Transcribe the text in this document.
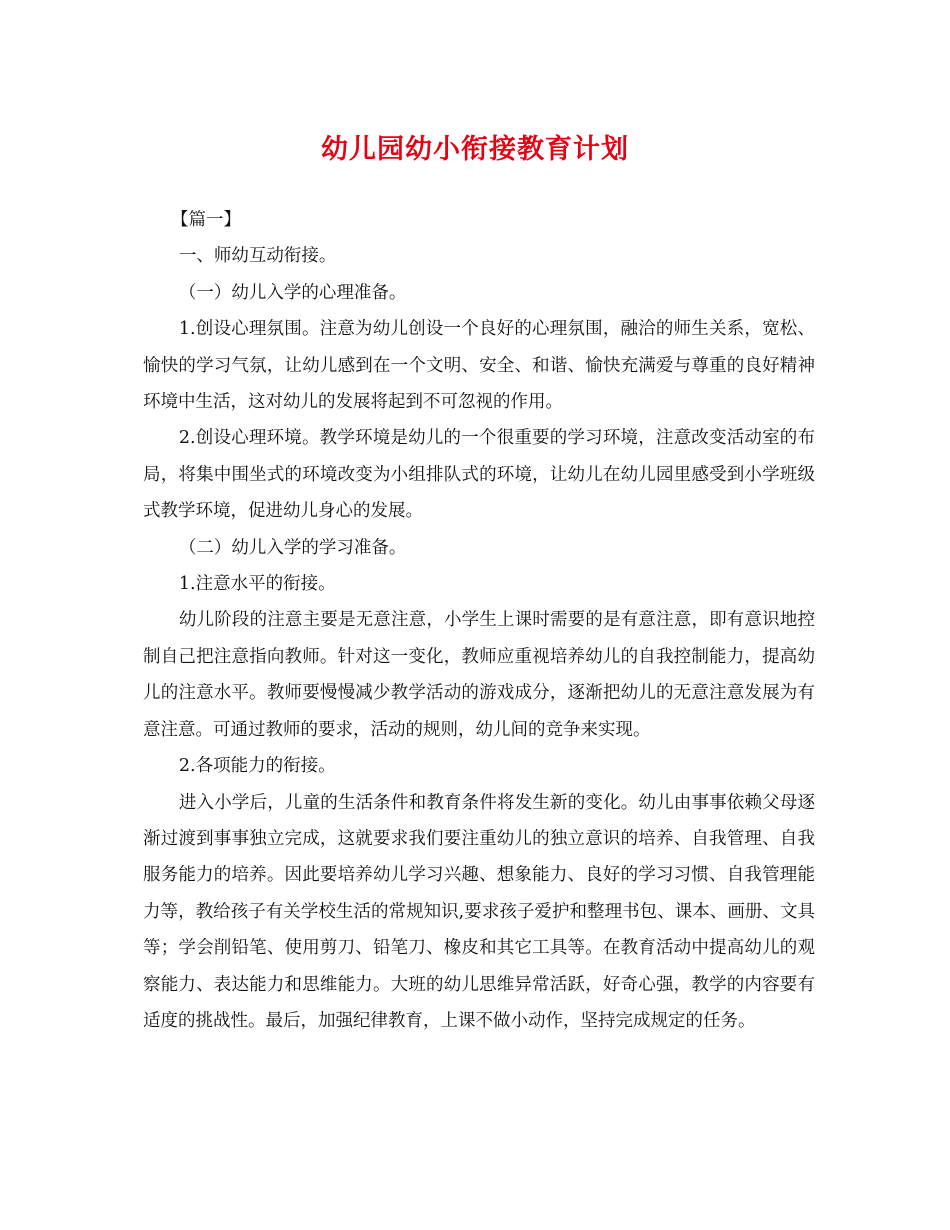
幼儿园幼小衔接教育计划

【篇一】

一、师幼互动衔接。

（一）幼儿入学的心理准备。

1.创设心理氛围。注意为幼儿创设一个良好的心理氛围，融洽的师生关系，宽松、愉快的学习气氛，让幼儿感到在一个文明、安全、和谐、愉快充满爱与尊重的良好精神环境中生活，这对幼儿的发展将起到不可忽视的作用。

2.创设心理环境。教学环境是幼儿的一个很重要的学习环境，注意改变活动室的布局，将集中围坐式的环境改变为小组排队式的环境，让幼儿在幼儿园里感受到小学班级式教学环境，促进幼儿身心的发展。

（二）幼儿入学的学习准备。

1.注意水平的衔接。

幼儿阶段的注意主要是无意注意，小学生上课时需要的是有意注意，即有意识地控制自己把注意指向教师。针对这一变化，教师应重视培养幼儿的自我控制能力，提高幼儿的注意水平。教师要慢慢减少教学活动的游戏成分，逐渐把幼儿的无意注意发展为有意注意。可通过教师的要求，活动的规则，幼儿间的竞争来实现。

2.各项能力的衔接。

进入小学后，儿童的生活条件和教育条件将发生新的变化。幼儿由事事依赖父母逐渐过渡到事事独立完成，这就要求我们要注重幼儿的独立意识的培养、自我管理、自我服务能力的培养。因此要培养幼儿学习兴趣、想象能力、良好的学习习惯、自我管理能力等，教给孩子有关学校生活的常规知识,要求孩子爱护和整理书包、课本、画册、文具等；学会削铅笔、使用剪刀、铅笔刀、橡皮和其它工具等。在教育活动中提高幼儿的观察能力、表达能力和思维能力。大班的幼儿思维异常活跃，好奇心强，教学的内容要有适度的挑战性。最后，加强纪律教育，上课不做小动作，坚持完成规定的任务。
